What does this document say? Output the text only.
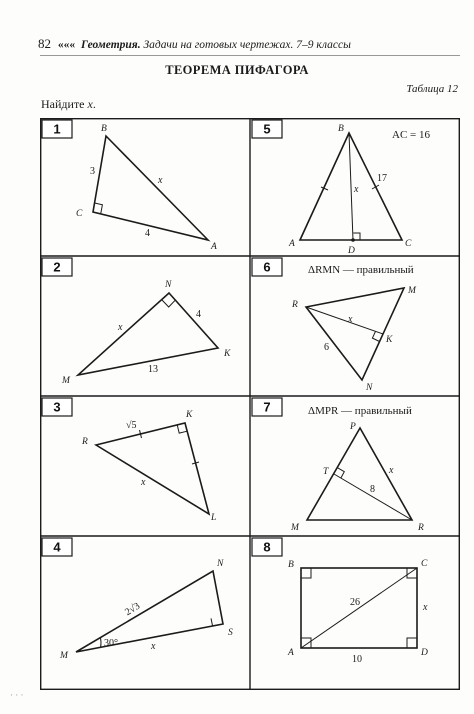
82 ««« Геометрия. Задачи на готовых чертежах. 7–9 классы
ТЕОРЕМА ПИФАГОРА
Таблица 12
Найдите x.
1
2
3
4
5
6
7
8
B
C
A
3
4
x
N
K
M
4
13
x
R
K
L
√5
x
N
S
M
2√3
30°	x
AC = 16
B
A
D
C
17
x
ΔRMN — правильный
R
M
K
N
6
x
ΔMPR — правильный
P
T
M	R
x
8
B	C
A	D
26
10
x
· · ·
